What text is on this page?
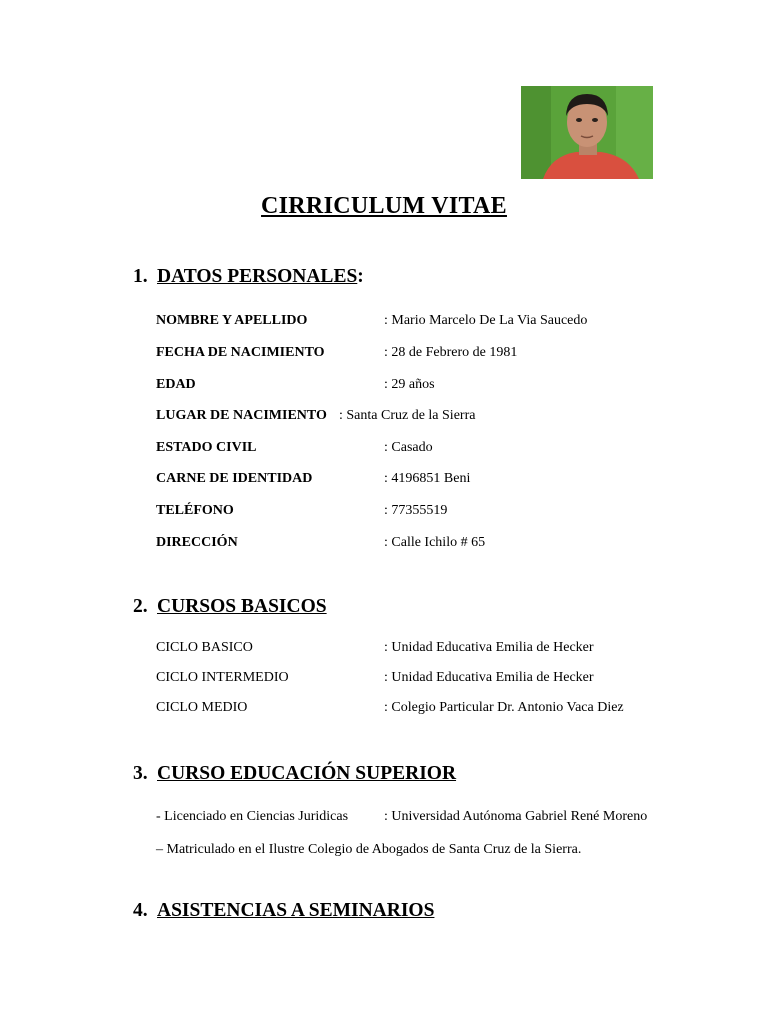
CIRRICULUM VITAE
1. DATOS PERSONALES:
NOMBRE Y APELLIDO	: Mario Marcelo De La Via Saucedo
FECHA DE NACIMIENTO	: 28 de Febrero de 1981
EDAD	: 29 años
LUGAR DE NACIMIENTO : Santa Cruz de la Sierra
ESTADO CIVIL	: Casado
CARNE DE IDENTIDAD	: 4196851 Beni
TELÉFONO	: 77355519
DIRECCIÓN	: Calle Ichilo # 65
2. CURSOS BASICOS
CICLO BASICO	: Unidad Educativa Emilia de Hecker
CICLO INTERMEDIO	: Unidad Educativa Emilia de Hecker
CICLO MEDIO	: Colegio Particular Dr. Antonio Vaca Diez
3. CURSO EDUCACIÓN SUPERIOR
- Licenciado en Ciencias Juridicas	: Universidad Autónoma Gabriel René Moreno
– Matriculado en el Ilustre Colegio de Abogados de Santa Cruz de la Sierra.
4. ASISTENCIAS A SEMINARIOS
